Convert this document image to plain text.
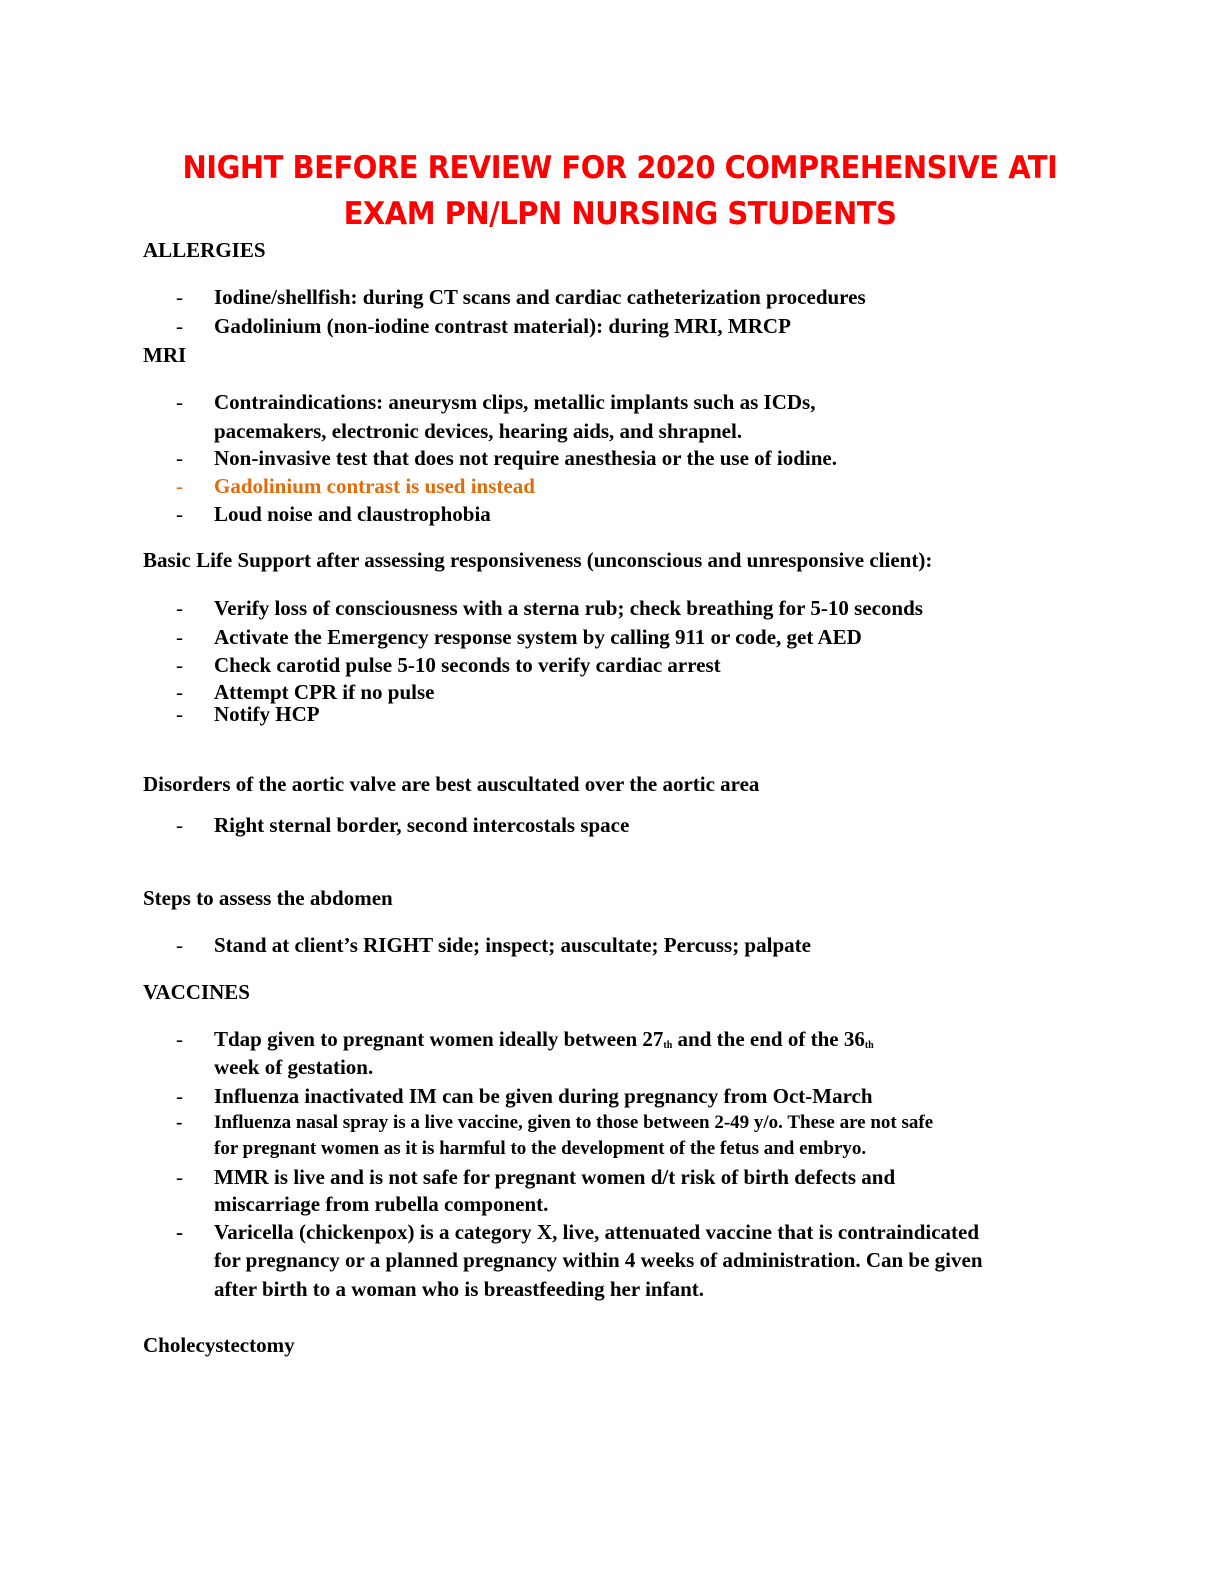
NIGHT BEFORE REVIEW FOR 2020 COMPREHENSIVE ATI
EXAM PN/LPN NURSING STUDENTS
ALLERGIES
- Iodine/shellfish: during CT scans and cardiac catheterization procedures
- Gadolinium (non-iodine contrast material): during MRI, MRCP
MRI
- Contraindications: aneurysm clips, metallic implants such as ICDs,
pacemakers, electronic devices, hearing aids, and shrapnel.
- Non-invasive test that does not require anesthesia or the use of iodine.
- Gadolinium contrast is used instead
- Loud noise and claustrophobia
Basic Life Support after assessing responsiveness (unconscious and unresponsive client):
- Verify loss of consciousness with a sterna rub; check breathing for 5-10 seconds
- Activate the Emergency response system by calling 911 or code, get AED
- Check carotid pulse 5-10 seconds to verify cardiac arrest
- Attempt CPR if no pulse
- Notify HCP
Disorders of the aortic valve are best auscultated over the aortic area
- Right sternal border, second intercostals space
Steps to assess the abdomen
- Stand at client’s RIGHT side; inspect; auscultate; Percuss; palpate
VACCINES
- Tdap given to pregnant women ideally between $27_{th}$ and the end of the $36_{th}$
week of gestation.
- Influenza inactivated IM can be given during pregnancy from Oct-March
- Influenza nasal spray is a live vaccine, given to those between 2-49 y/o. These are not safe
for pregnant women as it is harmful to the development of the fetus and embryo.
- MMR is live and is not safe for pregnant women d/t risk of birth defects and
miscarriage from rubella component.
- Varicella (chickenpox) is a category X, live, attenuated vaccine that is contraindicated
for pregnancy or a planned pregnancy within 4 weeks of administration. Can be given
after birth to a woman who is breastfeeding her infant.
Cholecystectomy
